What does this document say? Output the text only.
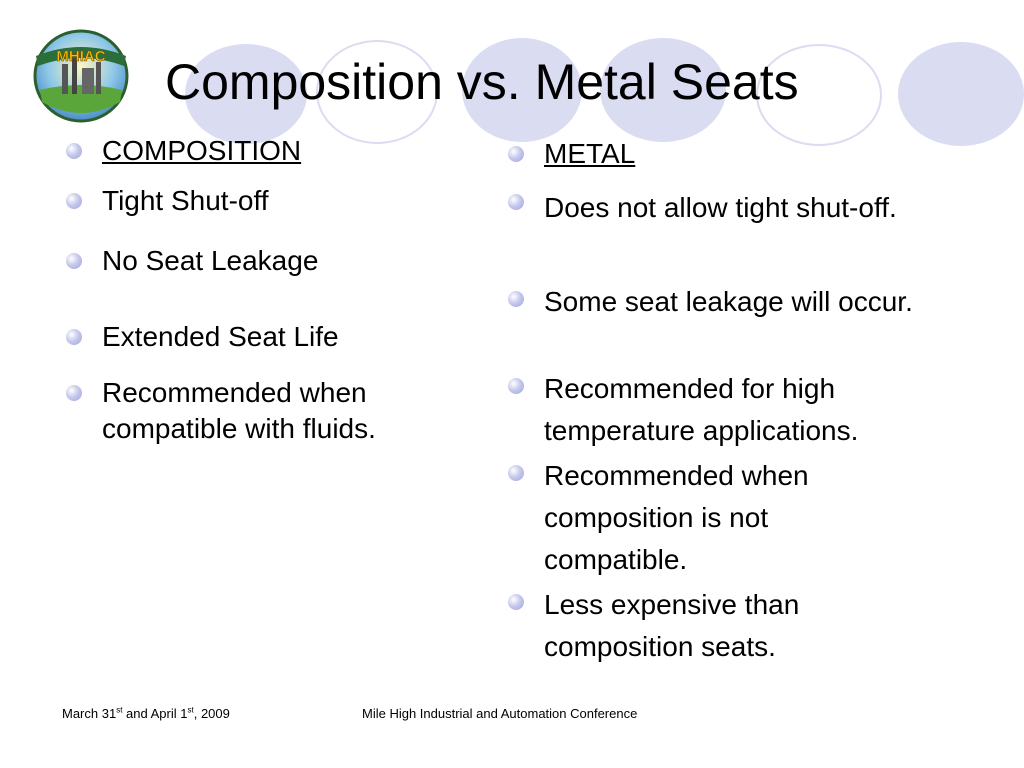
MHIAC Composition vs. Metal Seats
COMPOSITION
Tight Shut-off
No Seat Leakage
Extended Seat Life
Recommended when compatible with fluids.
METAL
Does not allow tight shut-off.
Some seat leakage will occur.
Recommended for high temperature applications.
Recommended when composition is not compatible.
Less expensive than composition seats.
March 31st and April 1st, 2009	Mile High Industrial and Automation Conference
